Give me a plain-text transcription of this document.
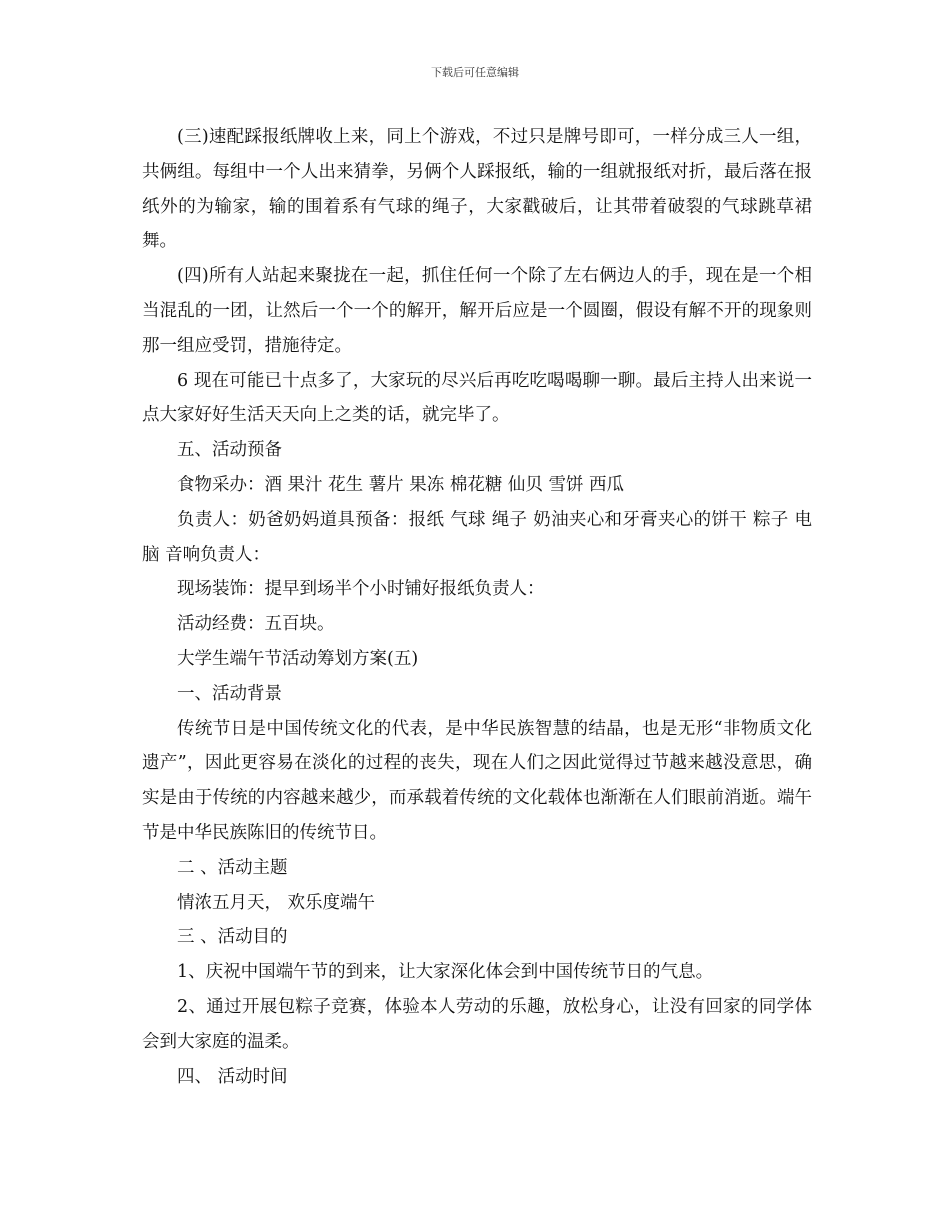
下载后可任意编辑

(三)速配踩报纸牌收上来，同上个游戏，不过只是牌号即可，一样分成三人一组，共俩组。每组中一个人出来猜拳，另俩个人踩报纸，输的一组就报纸对折，最后落在报纸外的为输家，输的围着系有气球的绳子，大家戳破后，让其带着破裂的气球跳草裙舞。

(四)所有人站起来聚拢在一起，抓住任何一个除了左右俩边人的手，现在是一个相当混乱的一团，让然后一个一个的解开，解开后应是一个圆圈，假设有解不开的现象则那一组应受罚，措施待定。

6 现在可能已十点多了，大家玩的尽兴后再吃吃喝喝聊一聊。最后主持人出来说一点大家好好生活天天向上之类的话，就完毕了。

五、活动预备

食物采办：酒 果汁 花生 薯片 果冻 棉花糖 仙贝 雪饼 西瓜

负责人：奶爸奶妈道具预备：报纸 气球 绳子 奶油夹心和牙膏夹心的饼干 粽子 电脑 音响负责人：

现场装饰：提早到场半个小时铺好报纸负责人：

活动经费：五百块。

大学生端午节活动筹划方案(五)

一、活动背景

传统节日是中国传统文化的代表，是中华民族智慧的结晶，也是无形“非物质文化遗产”，因此更容易在淡化的过程的丧失，现在人们之因此觉得过节越来越没意思，确实是由于传统的内容越来越少，而承载着传统的文化载体也渐渐在人们眼前消逝。端午节是中华民族陈旧的传统节日。

二 、活动主题

情浓五月天， 欢乐度端午

三 、活动目的

1、庆祝中国端午节的到来，让大家深化体会到中国传统节日的气息。

2、通过开展包粽子竞赛，体验本人劳动的乐趣，放松身心，让没有回家的同学体会到大家庭的温柔。

四、 活动时间
